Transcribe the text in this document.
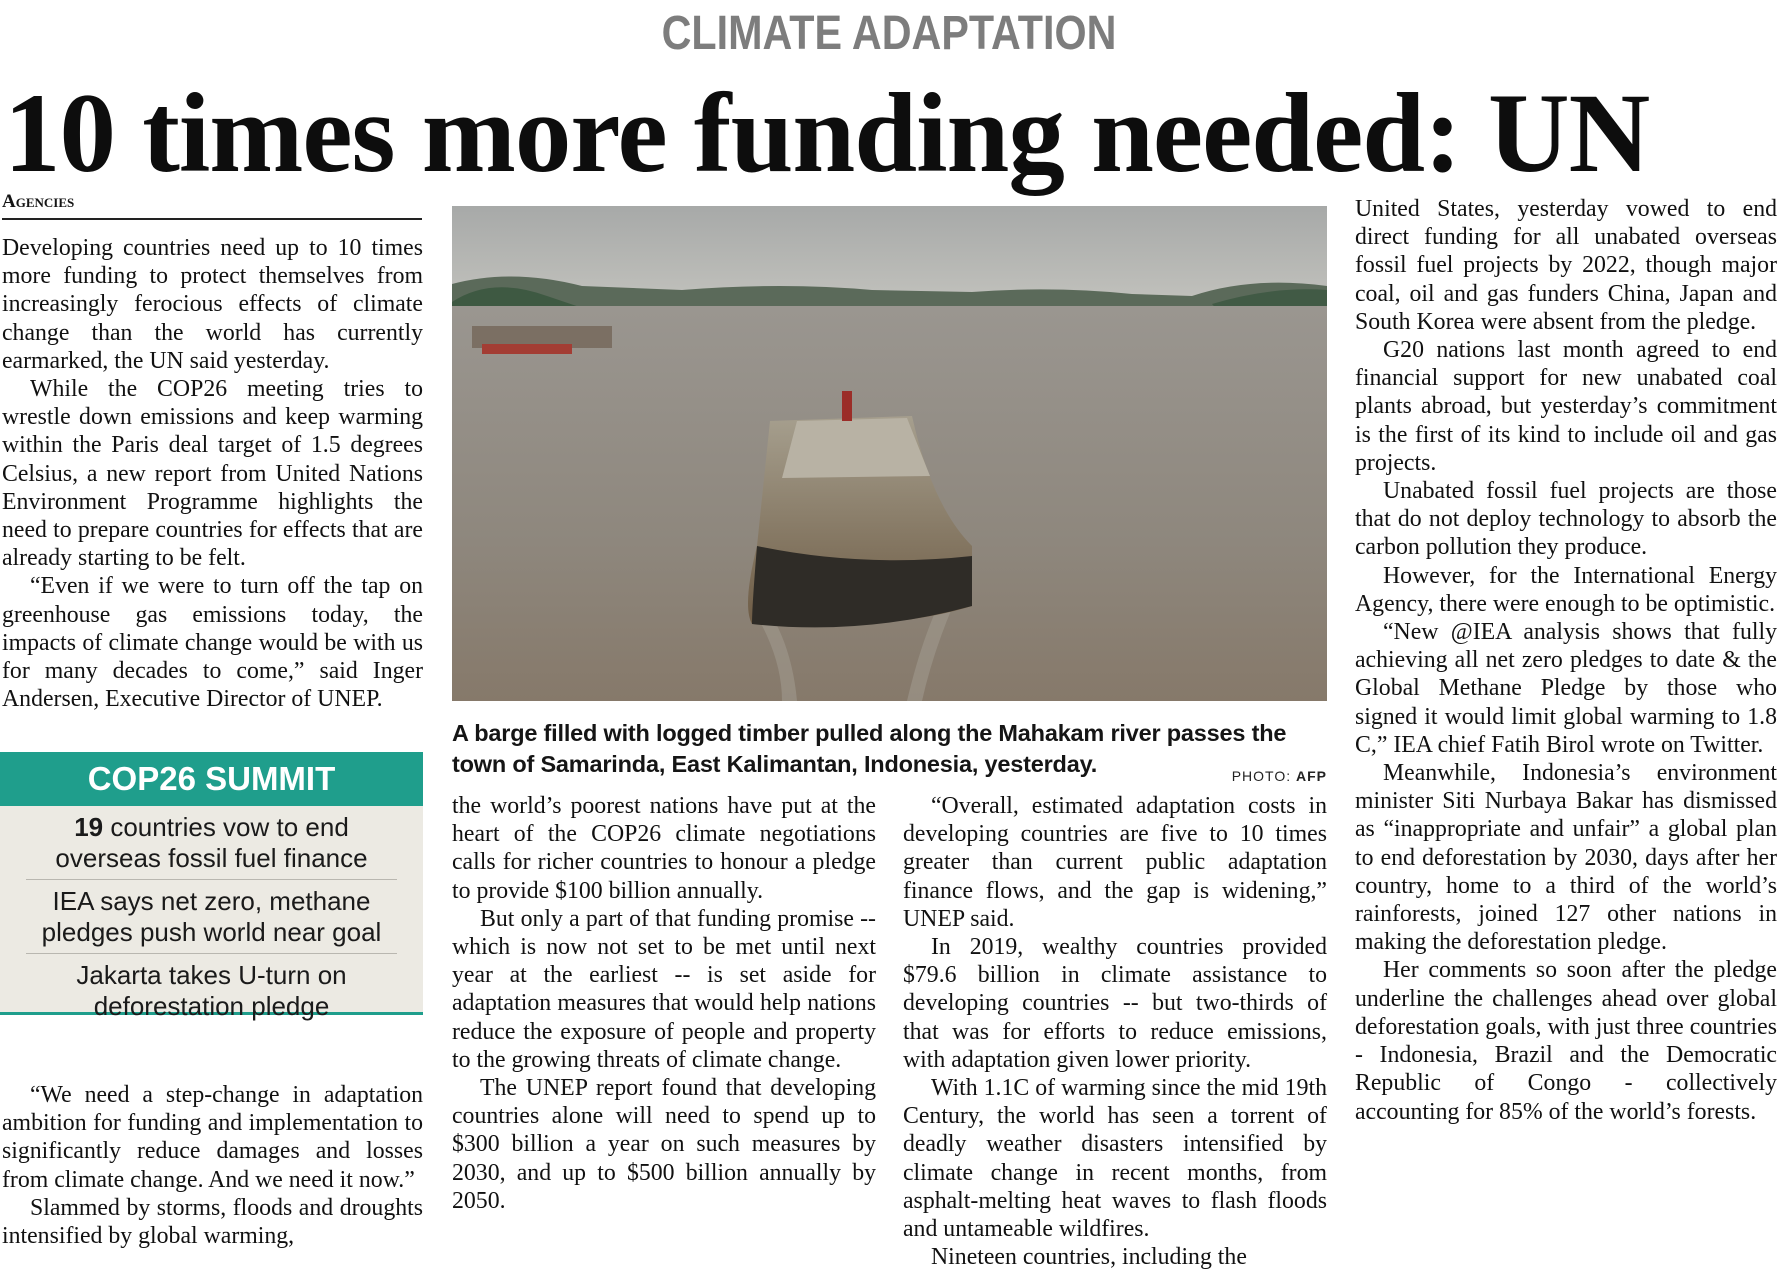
CLIMATE ADAPTATION
10 times more funding needed: UN
Agencies

Developing countries need up to 10 times more funding to protect themselves from increasingly ferocious effects of climate change than the world has currently earmarked, the UN said yesterday.

While the COP26 meeting tries to wrestle down emissions and keep warming within the Paris deal target of 1.5 degrees Celsius, a new report from United Nations Environment Programme highlights the need to prepare countries for effects that are already starting to be felt.

“Even if we were to turn off the tap on greenhouse gas emissions today, the impacts of climate change would be with us for many decades to come,” said Inger Andersen, Executive Director of UNEP.

COP26 SUMMIT
19 countries vow to end overseas fossil fuel finance
IEA says net zero, methane pledges push world near goal
Jakarta takes U-turn on deforestation pledge

“We need a step-change in adaptation ambition for funding and implementation to significantly reduce damages and losses from climate change. And we need it now.”

Slammed by storms, floods and droughts intensified by global warming,

A barge filled with logged timber pulled along the Mahakam river passes the town of Samarinda, East Kalimantan, Indonesia, yesterday.	PHOTO: AFP

the world’s poorest nations have put at the heart of the COP26 climate negotiations calls for richer countries to honour a pledge to provide $100 billion annually.

But only a part of that funding promise -- which is now not set to be met until next year at the earliest -- is set aside for adaptation measures that would help nations reduce the exposure of people and property to the growing threats of climate change.

The UNEP report found that developing countries alone will need to spend up to $300 billion a year on such measures by 2030, and up to $500 billion annually by 2050.

“Overall, estimated adaptation costs in developing countries are five to 10 times greater than current public adaptation finance flows, and the gap is widening,” UNEP said.

In 2019, wealthy countries provided $79.6 billion in climate assistance to developing countries -- but two-thirds of that was for efforts to reduce emissions, with adaptation given lower priority.

With 1.1C of warming since the mid 19th Century, the world has seen a torrent of deadly weather disasters intensified by climate change in recent months, from asphalt-melting heat waves to flash floods and untameable wildfires.

Nineteen countries, including the

United States, yesterday vowed to end direct funding for all unabated overseas fossil fuel projects by 2022, though major coal, oil and gas funders China, Japan and South Korea were absent from the pledge.

G20 nations last month agreed to end financial support for new unabated coal plants abroad, but yesterday’s commitment is the first of its kind to include oil and gas projects.

Unabated fossil fuel projects are those that do not deploy technology to absorb the carbon pollution they produce.

However, for the International Energy Agency, there were enough to be optimistic.

“New @IEA analysis shows that fully achieving all net zero pledges to date & the Global Methane Pledge by those who signed it would limit global warming to 1.8 C,” IEA chief Fatih Birol wrote on Twitter.

Meanwhile, Indonesia’s environment minister Siti Nurbaya Bakar has dismissed as “inappropriate and unfair” a global plan to end deforestation by 2030, days after her country, home to a third of the world’s rainforests, joined 127 other nations in making the deforestation pledge.

Her comments so soon after the pledge underline the challenges ahead over global deforestation goals, with just three countries - Indonesia, Brazil and the Democratic Republic of Congo - collectively accounting for 85% of the world’s forests.
